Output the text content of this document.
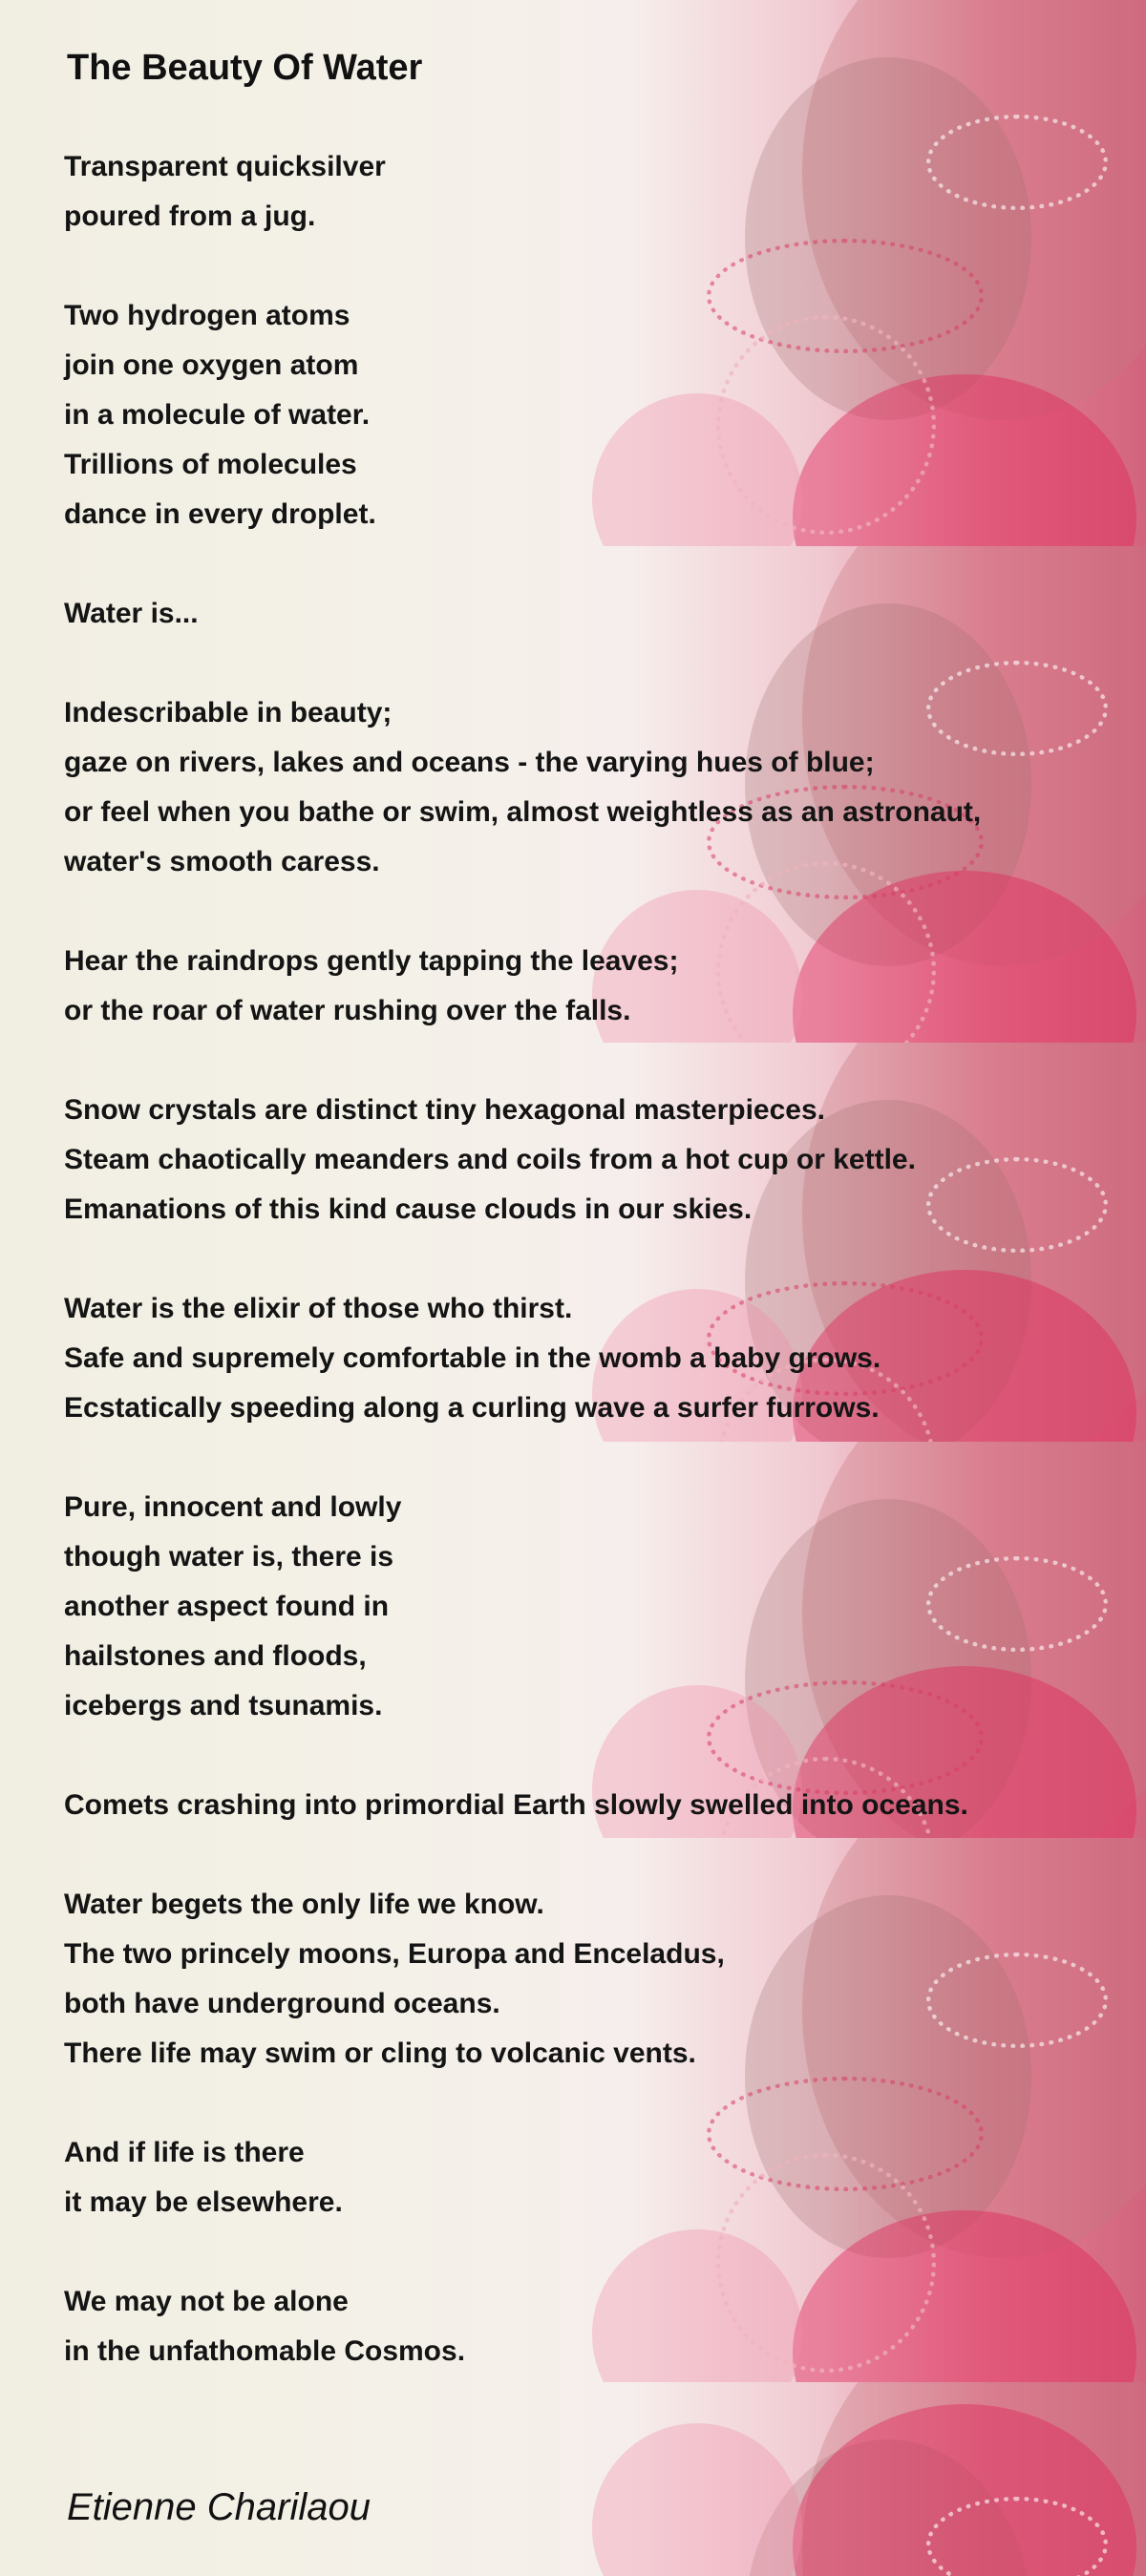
The Beauty Of Water
Transparent quicksilver
poured from a jug.
Two hydrogen atoms
join one oxygen atom
in a molecule of water.
Trillions of molecules
dance in every droplet.
Water is...
Indescribable in beauty;
gaze on rivers, lakes and oceans - the varying hues of blue;
or feel when you bathe or swim, almost weightless as an astronaut,
water's smooth caress.
Hear the raindrops gently tapping the leaves;
or the roar of water rushing over the falls.
Snow crystals are distinct tiny hexagonal masterpieces.
Steam chaotically meanders and coils from a hot cup or kettle.
Emanations of this kind cause clouds in our skies.
Water is the elixir of those who thirst.
Safe and supremely comfortable in the womb a baby grows.
Ecstatically speeding along a curling wave a surfer furrows.
Pure, innocent and lowly
though water is, there is
another aspect found in
hailstones and floods,
icebergs and tsunamis.
Comets crashing into primordial Earth slowly swelled into oceans.
Water begets the only life we know.
The two princely moons, Europa and Enceladus,
both have underground oceans.
There life may swim or cling to volcanic vents.
And if life is there
it may be elsewhere.
We may not be alone
in the unfathomable Cosmos.
Etienne Charilaou
